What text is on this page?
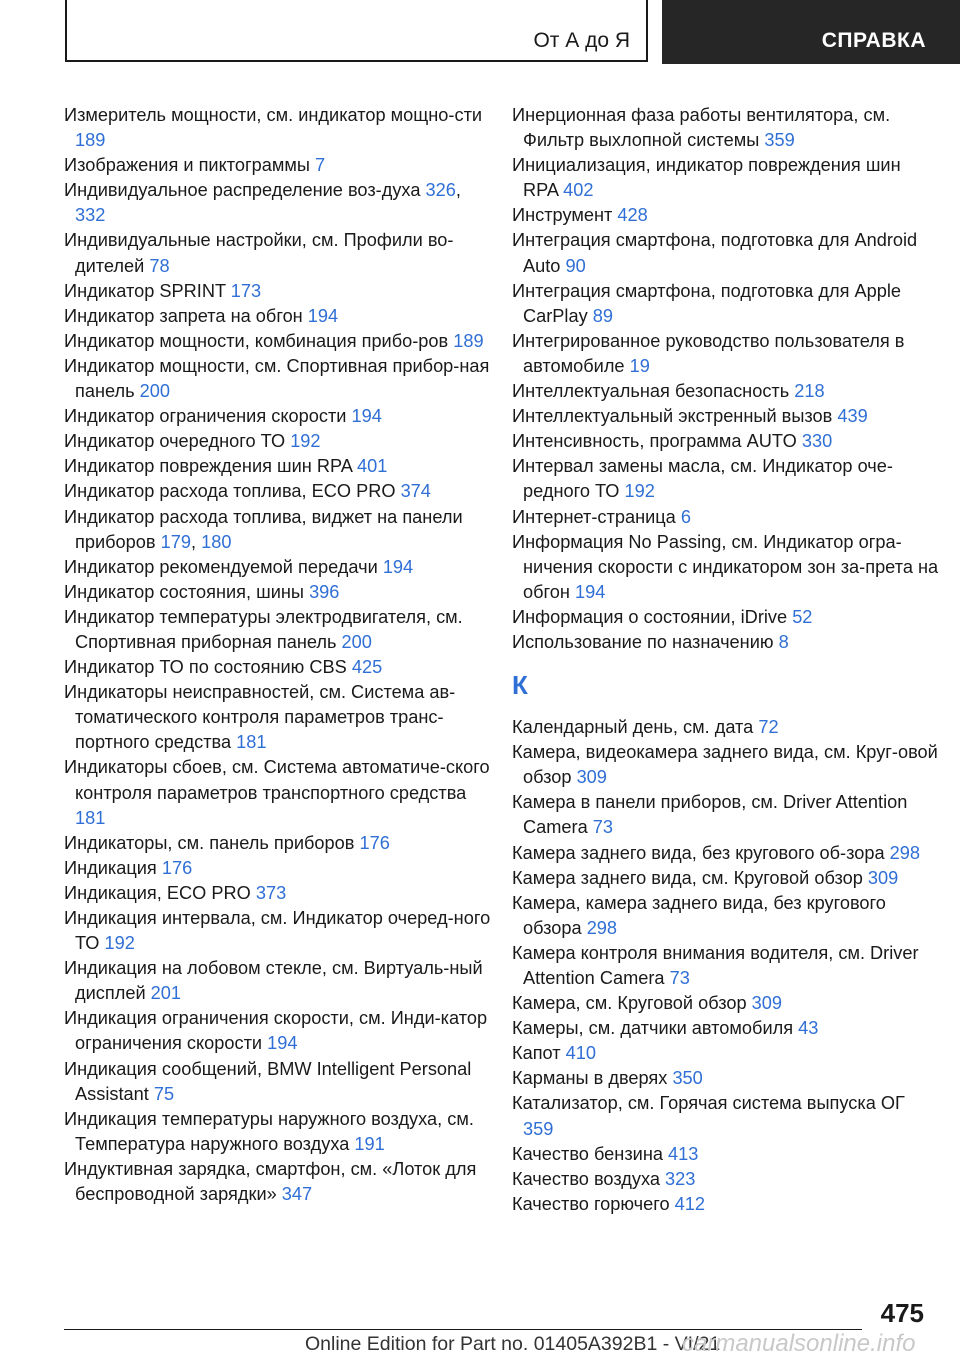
От А до Я	СПРАВКА

Измеритель мощности, см. индикатор мощно-сти 189

Изображения и пиктограммы 7

Индивидуальное распределение воз-духа 326, 332

Индивидуальные настройки, см. Профили во-дителей 78

Индикатор SPRINT 173

Индикатор запрета на обгон 194

Индикатор мощности, комбинация прибо-ров 189

Индикатор мощности, см. Спортивная прибор-ная панель 200

Индикатор ограничения скорости 194

Индикатор очередного ТО 192

Индикатор повреждения шин RPA 401

Индикатор расхода топлива, ECO PRO 374

Индикатор расхода топлива, виджет на панели приборов 179, 180

Индикатор рекомендуемой передачи 194

Индикатор состояния, шины 396

Индикатор температуры электродвигателя, см. Спортивная приборная панель 200

Индикатор ТО по состоянию CBS 425

Индикаторы неисправностей, см. Система ав-томатического контроля параметров транс-портного средства 181

Индикаторы сбоев, см. Система автоматиче-ского контроля параметров транспортного средства 181

Индикаторы, см. панель приборов 176

Индикация 176

Индикация, ECO PRO 373

Индикация интервала, см. Индикатор очеред-ного ТО 192

Индикация на лобовом стекле, см. Виртуаль-ный дисплей 201

Индикация ограничения скорости, см. Инди-катор ограничения скорости 194

Индикация сообщений, BMW Intelligent Personal Assistant 75

Индикация температуры наружного воздуха, см. Температура наружного воздуха 191

Индуктивная зарядка, смартфон, см. «Лоток для беспроводной зарядки» 347

Инерционная фаза работы вентилятора, см. Фильтр выхлопной системы 359

Инициализация, индикатор повреждения шин RPA 402

Инструмент 428

Интеграция смартфона, подготовка для Android Auto 90

Интеграция смартфона, подготовка для Apple CarPlay 89

Интегрированное руководство пользователя в автомобиле 19

Интеллектуальная безопасность 218

Интеллектуальный экстренный вызов 439

Интенсивность, программа AUTO 330

Интервал замены масла, см. Индикатор оче-редного ТО 192

Интернет-страница 6

Информация No Passing, см. Индикатор огра-ничения скорости с индикатором зон за-прета на обгон 194

Информация о состоянии, iDrive 52

Использование по назначению 8

К

Календарный день, см. дата 72

Камера, видеокамера заднего вида, см. Круг-овой обзор 309

Камера в панели приборов, см. Driver Attention Camera 73

Камера заднего вида, без кругового об-зора 298

Камера заднего вида, см. Круговой обзор 309

Камера, камера заднего вида, без кругового обзора 298

Камера контроля внимания водителя, см. Driver Attention Camera 73

Камера, см. Круговой обзор 309

Камеры, см. датчики автомобиля 43

Капот 410

Карманы в дверях 350

Катализатор, см. Горячая система выпуска ОГ 359

Качество бензина 413

Качество воздуха 323

Качество горючего 412

475
Online Edition for Part no. 01405A392B1 - VI/21
carmanualsonline.info
